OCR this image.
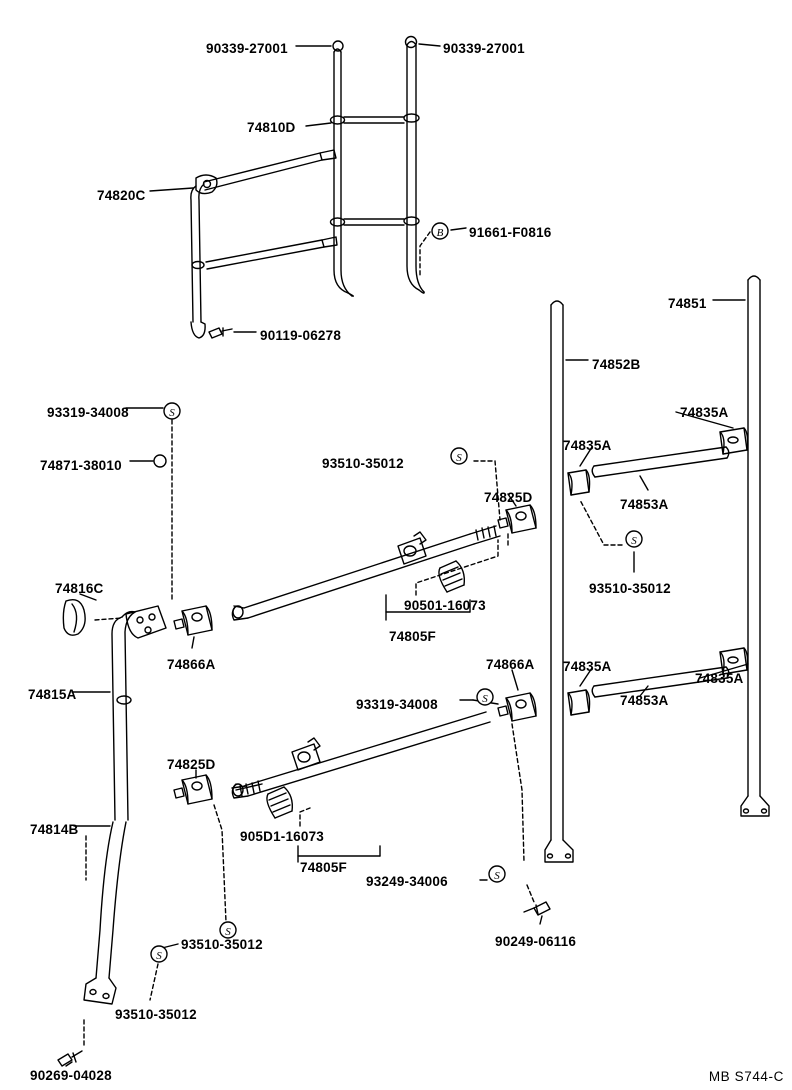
S
S
S
S
S
S
S
B
90339-27001	90339-27001
74810D
74820C
91661-F0816
90119-06278
74851
74852B
93319-34008	74835A
74871-38010	93510-35012
74835A
74825D	74853A
93510-35012
90501-16073
74805F
74816C
74866A
74815A
74835A
74866A
74835A
93319-34008	74853A
74825D
905D1-16073
74805F
93249-34006
74814B
90249-06116
93510-35012
93510-35012
90269-04028	MB S744-C
